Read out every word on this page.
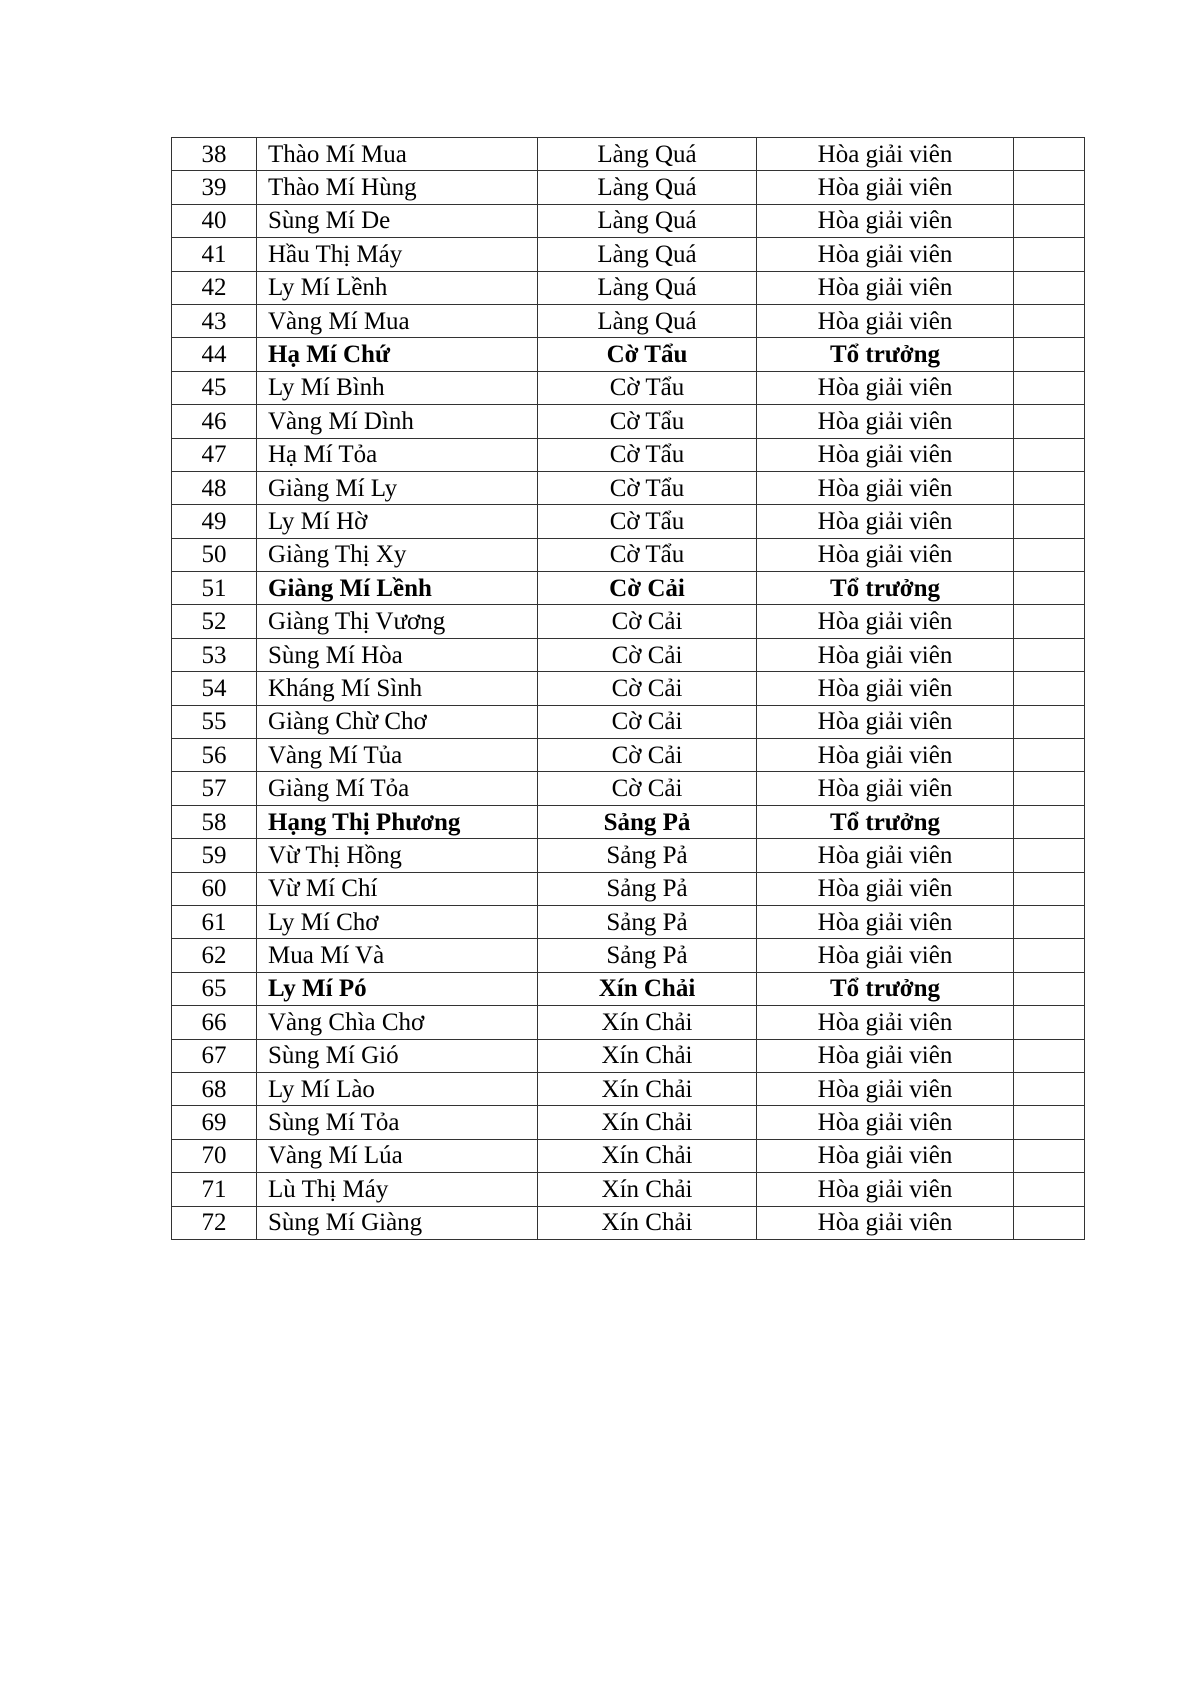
38	Thào Mí Mua	Làng Quá	Hòa giải viên	
39	Thào Mí Hùng	Làng Quá	Hòa giải viên	
40	Sùng Mí De	Làng Quá	Hòa giải viên	
41	Hầu Thị Máy	Làng Quá	Hòa giải viên	
42	Ly Mí Lềnh	Làng Quá	Hòa giải viên	
43	Vàng Mí Mua	Làng Quá	Hòa giải viên	
44	Hạ Mí Chứ	Cờ Tẩu	Tổ trưởng	
45	Ly Mí Bình	Cờ Tẩu	Hòa giải viên	
46	Vàng Mí Dình	Cờ Tẩu	Hòa giải viên	
47	Hạ Mí Tỏa	Cờ Tẩu	Hòa giải viên	
48	Giàng Mí Ly	Cờ Tẩu	Hòa giải viên	
49	Ly Mí Hờ	Cờ Tẩu	Hòa giải viên	
50	Giàng Thị Xy	Cờ Tẩu	Hòa giải viên	
51	Giàng Mí Lềnh	Cờ Cải	Tổ trưởng	
52	Giàng Thị Vương	Cờ Cải	Hòa giải viên	
53	Sùng Mí Hòa	Cờ Cải	Hòa giải viên	
54	Kháng Mí Sình	Cờ Cải	Hòa giải viên	
55	Giàng Chừ Chơ	Cờ Cải	Hòa giải viên	
56	Vàng Mí Tủa	Cờ Cải	Hòa giải viên	
57	Giàng Mí Tỏa	Cờ Cải	Hòa giải viên	
58	Hạng Thị Phương	Sảng Pả	Tổ trưởng	
59	Vừ Thị Hồng	Sảng Pả	Hòa giải viên	
60	Vừ Mí Chí	Sảng Pả	Hòa giải viên	
61	Ly Mí Chơ	Sảng Pả	Hòa giải viên	
62	Mua Mí Và	Sảng Pả	Hòa giải viên	
65	Ly Mí Pó	Xín Chải	Tổ trưởng	
66	Vàng Chìa Chơ	Xín Chải	Hòa giải viên	
67	Sùng Mí Gió	Xín Chải	Hòa giải viên	
68	Ly Mí Lào	Xín Chải	Hòa giải viên	
69	Sùng Mí Tỏa	Xín Chải	Hòa giải viên	
70	Vàng Mí Lúa	Xín Chải	Hòa giải viên	
71	Lù Thị Máy	Xín Chải	Hòa giải viên	
72	Sùng Mí Giàng	Xín Chải	Hòa giải viên	
